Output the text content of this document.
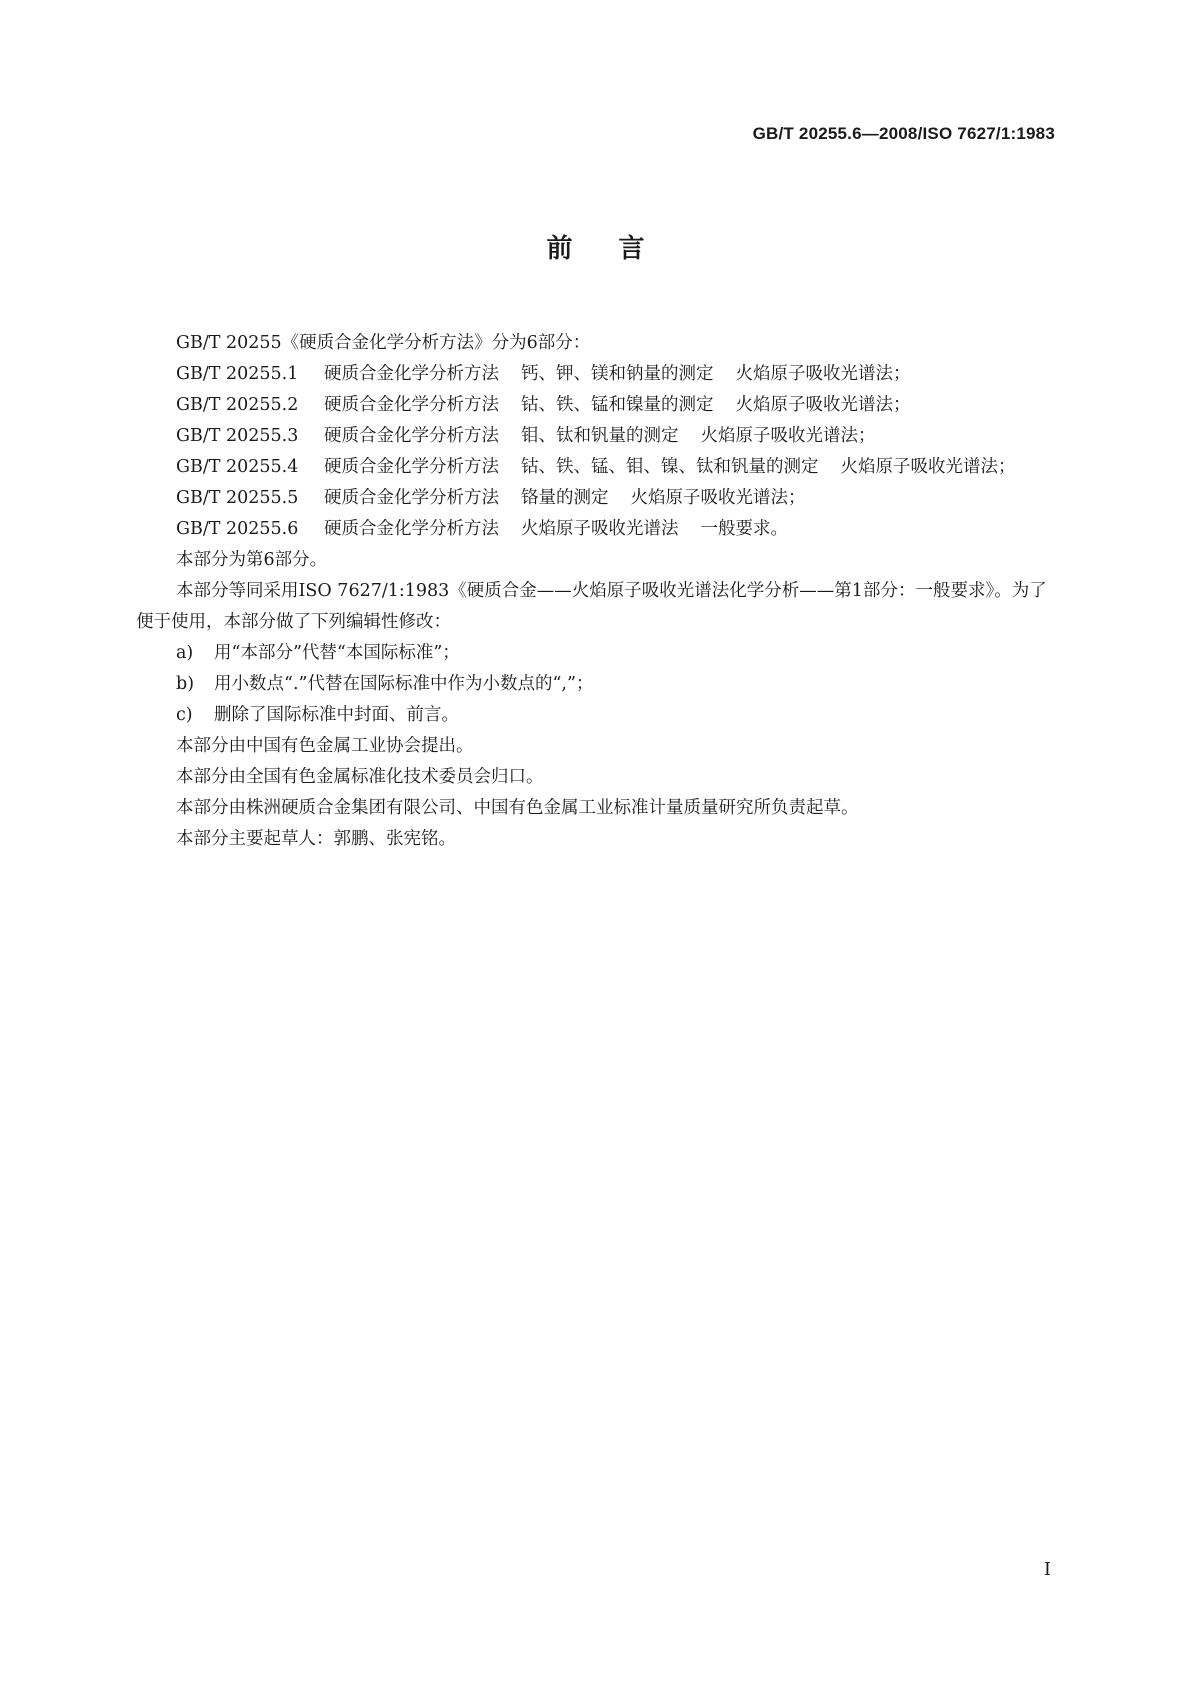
GB/T 20255.6—2008/ISO 7627/1:1983
前言

GB/T 20255《硬质合金化学分析方法》分为6部分：

GB/T 20255.1	硬质合金化学分析方法 钙、钾、镁和钠量的测定 火焰原子吸收光谱法；
GB/T 20255.2	硬质合金化学分析方法 钴、铁、锰和镍量的测定 火焰原子吸收光谱法；
GB/T 20255.3	硬质合金化学分析方法 钼、钛和钒量的测定 火焰原子吸收光谱法；
GB/T 20255.4	硬质合金化学分析方法 钴、铁、锰、钼、镍、钛和钒量的测定 火焰原子吸收光谱法；
GB/T 20255.5	硬质合金化学分析方法 铬量的测定 火焰原子吸收光谱法；
GB/T 20255.6	硬质合金化学分析方法 火焰原子吸收光谱法 一般要求。

本部分为第6部分。

本部分等同采用ISO 7627/1:1983《硬质合金——火焰原子吸收光谱法化学分析——第1部分：一般要求》。为了便于使用，本部分做了下列编辑性修改：

a)	用“本部分”代替“本国际标准”；
b)	用小数点“.”代替在国际标准中作为小数点的“,”；
c)	删除了国际标准中封面、前言。

本部分由中国有色金属工业协会提出。

本部分由全国有色金属标准化技术委员会归口。

本部分由株洲硬质合金集团有限公司、中国有色金属工业标准计量质量研究所负责起草。

本部分主要起草人：郭鹏、张宪铭。

I
